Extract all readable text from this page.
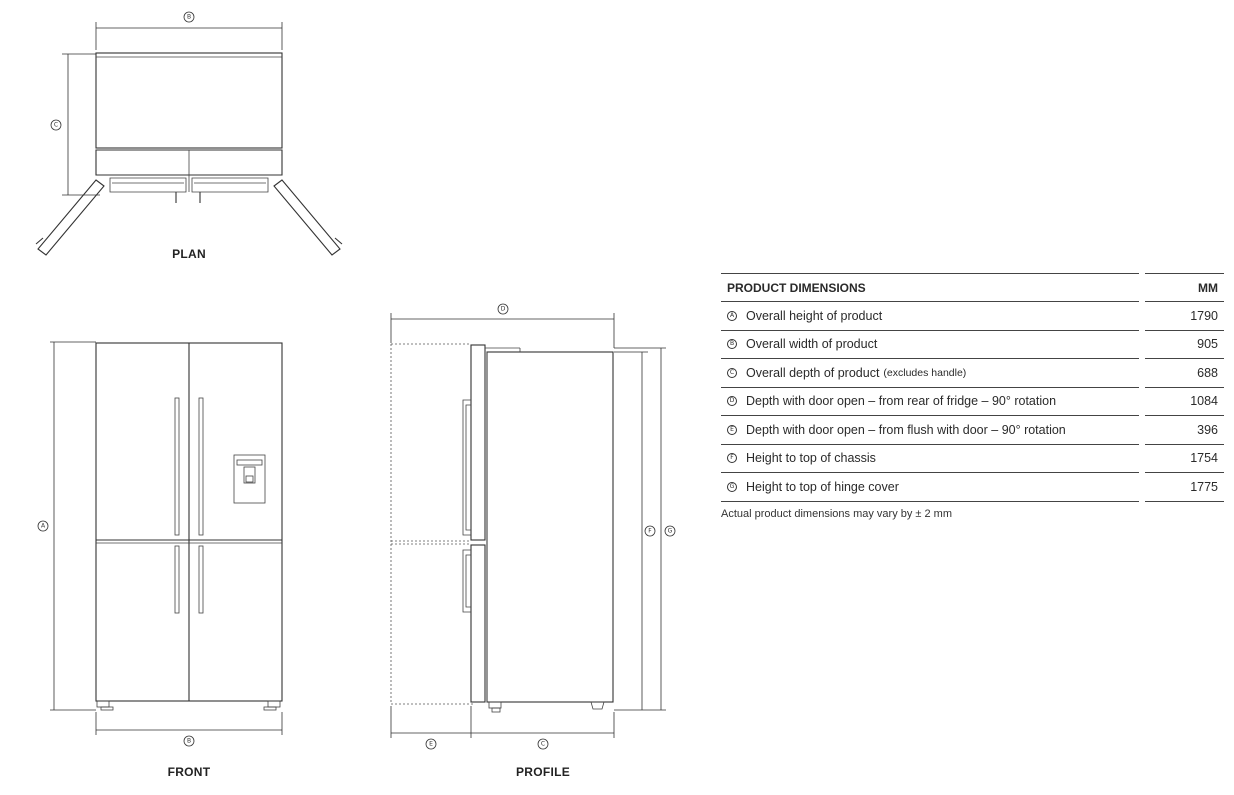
B
C
PLAN
A
B
FRONT
D
F	G
E	C
PROFILE
PRODUCT DIMENSIONS	MM
A Overall height of product	1790
B Overall width of product	905
C Overall depth of product (excludes handle)	688
D Depth with door open – from rear of fridge – 90° rotation	1084
E Depth with door open – from flush with door – 90° rotation	396
F Height to top of chassis	1754
G Height to top of hinge cover	1775
Actual product dimensions may vary by ± 2 mm
